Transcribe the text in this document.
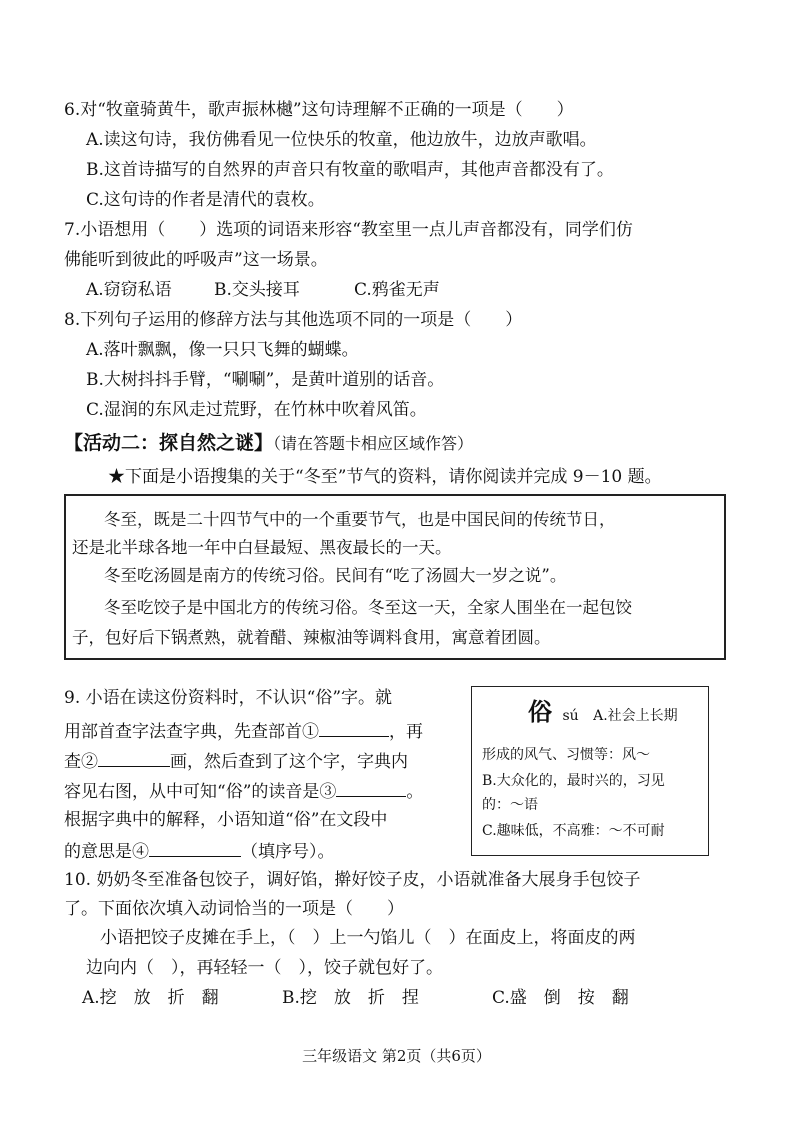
6.对“牧童骑黄牛，歌声振林樾”这句诗理解不正确的一项是（　　）
A.读这句诗，我仿佛看见一位快乐的牧童，他边放牛，边放声歌唱。
B.这首诗描写的自然界的声音只有牧童的歌唱声，其他声音都没有了。
C.这句诗的作者是清代的袁枚。
7.小语想用（　　）选项的词语来形容“教室里一点儿声音都没有，同学们仿
佛能听到彼此的呼吸声”这一场景。
A.窃窃私语 B.交头接耳	C.鸦雀无声
8.下列句子运用的修辞方法与其他选项不同的一项是（　　）
A.落叶飘飘，像一只只飞舞的蝴蝶。
B.大树抖抖手臂，“唰唰”，是黄叶道别的话音。
C.湿润的东风走过荒野，在竹林中吹着风笛。
【活动二：探自然之谜】（请在答题卡相应区域作答）
★下面是小语搜集的关于“冬至”节气的资料，请你阅读并完成 9－10 题。
冬至，既是二十四节气中的一个重要节气，也是中国民间的传统节日，
还是北半球各地一年中白昼最短、黑夜最长的一天。
冬至吃汤圆是南方的传统习俗。民间有“吃了汤圆大一岁之说”。
冬至吃饺子是中国北方的传统习俗。冬至这一天，全家人围坐在一起包饺
子，包好后下锅煮熟，就着醋、辣椒油等调料食用，寓意着团圆。
9. 小语在读这份资料时，不认识“俗”字。就
用部首查字法查字典，先查部首①	，再
查②	画，然后查到了这个字，字典内
容见右图，从中可知“俗”的读音是③	。
根据字典中的解释，小语知道“俗”在文段中
的意思是④	（填序号）。
俗 sú A.社会上长期
形成的风气、习惯等：风～
B.大众化的，最时兴的，习见
的：～语
C.趣味低，不高雅：～不可耐
10. 奶奶冬至准备包饺子，调好馅，擀好饺子皮，小语就准备大展身手包饺子
了。下面依次填入动词恰当的一项是（　　）
小语把饺子皮摊在手上，（　）上一勺馅儿（　）在面皮上，将面皮的两
边向内（　），再轻轻一（　），饺子就包好了。
A.挖　放　折　翻	B.挖　放　折　捏	C.盛　倒　按　翻
三年级语文 第2页（共6页）
